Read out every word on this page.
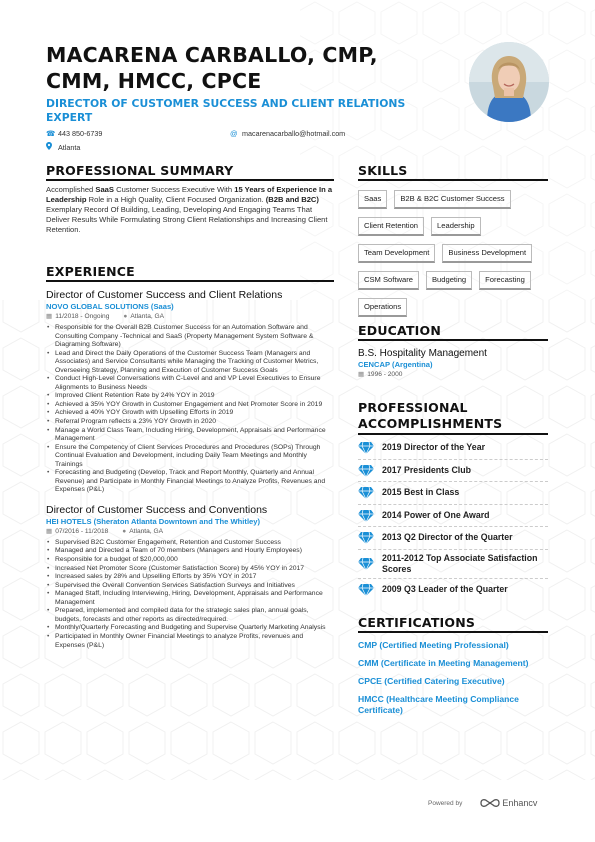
MACARENA CARBALLO, CMP,
CMM, HMCC, CPCE
DIRECTOR OF CUSTOMER SUCCESS AND CLIENT RELATIONS
EXPERT
☎ 443 850-6739	@ macarenacarballo@hotmail.com
Atlanta
PROFESSIONAL SUMMARY

Accomplished SaaS Customer Success Executive With 15 Years of Experience In a Leadership Role in a High Quality, Client Focused Organization. (B2B and B2C)

Exemplary Record Of Building, Leading, Developing And Engaging Teams That Deliver Results While Formulating Strong Client Relationships and Increasing Client Retention.

EXPERIENCE
Director of Customer Success and Client Relations
NOVO GLOBAL SOLUTIONS (Saas)
▦ 11/2018 - Ongoing ● Atlanta, GA
• Responsible for the Overall B2B Customer Success for an Automation Software and Consulting Company -Technical and SaaS (Property Management System Software & Diagraming Software)
• Lead and Direct the Daily Operations of the Customer Success Team (Managers and Associates) and Service Consultants while Managing the Tracking of Customer Metrics, Overseeing Strategy, Planning and Execution of Customer Success Goals
• Conduct High-Level Conversations with C-Level and and VP Level Executives to Ensure Alignments to Business Needs
• Improved Client Retention Rate by 24% YOY in 2019
• Achieved a 35% YOY Growth in Customer Engagement and Net Promoter Score in 2019
• Achieved a 40% YOY Growth with Upselling Efforts in 2019
• Referral Program reflects a 23% YOY Growth in 2020
• Manage a World Class Team, Including Hiring, Development, Appraisals and Performance Management
• Ensure the Competency of Client Services Procedures and Procedures (SOPs) Through Continual Evaluation and Development, including Daily Team Meetings and Monthly Trainings
• Forecasting and Budgeting (Develop, Track and Report Monthly, Quarterly and Annual Revenue) and Participate in Monthly Financial Meetings to Analyze Profits, Revenues and Expenses (P&L)
Director of Customer Success and Conventions
HEI HOTELS (Sheraton Atlanta Downtown and The Whitley)
▦ 07/2016 - 11/2018 ● Atlanta, GA
• Supervised B2C Customer Engagement, Retention and Customer Success
• Managed and Directed a Team of 70 members (Managers and Hourly Employees)
• Responsible for a budget of $20,000,000
• Increased Net Promoter Score (Customer Satisfaction Score) by 45% YOY in 2017
• Increased sales by 28% and Upselling Efforts by 35% YOY in 2017
• Supervised the Overall Convention Services Satisfaction Surveys and Initiatives
• Managed Staff, Including Interviewing, Hiring, Development, Appraisals and Performance Management
• Prepared, implemented and compiled data for the strategic sales plan, annual goals, budgets, forecasts and other reports as directed/required.
• Monthly/Quarterly Forecasting and Budgeting and Supervise Quarterly Marketing Analysis
• Participated in Monthly Owner Financial Meetings to analyze Profits, revenues and Expenses (P&L)
SKILLS
Saas	B2B & B2C Customer Success
Client Retention	Leadership
Team Development	Business Development
CSM Software	Budgeting	Forecasting
Operations
EDUCATION
B.S. Hospitality Management
CENCAP (Argentina)
▦ 1996 - 2000
PROFESSIONAL
ACCOMPLISHMENTS
2019 Director of the Year
2017 Presidents Club
2015 Best in Class
2014 Power of One Award
2013 Q2 Director of the Quarter
2011-2012 Top Associate Satisfaction Scores
2009 Q3 Leader of the Quarter
CERTIFICATIONS
CMP (Certified Meeting Professional)
CMM (Certificate in Meeting Management)
CPCE (Certified Catering Executive)
HMCC (Healthcare Meeting Compliance Certificate)
Powered by	Enhancv
